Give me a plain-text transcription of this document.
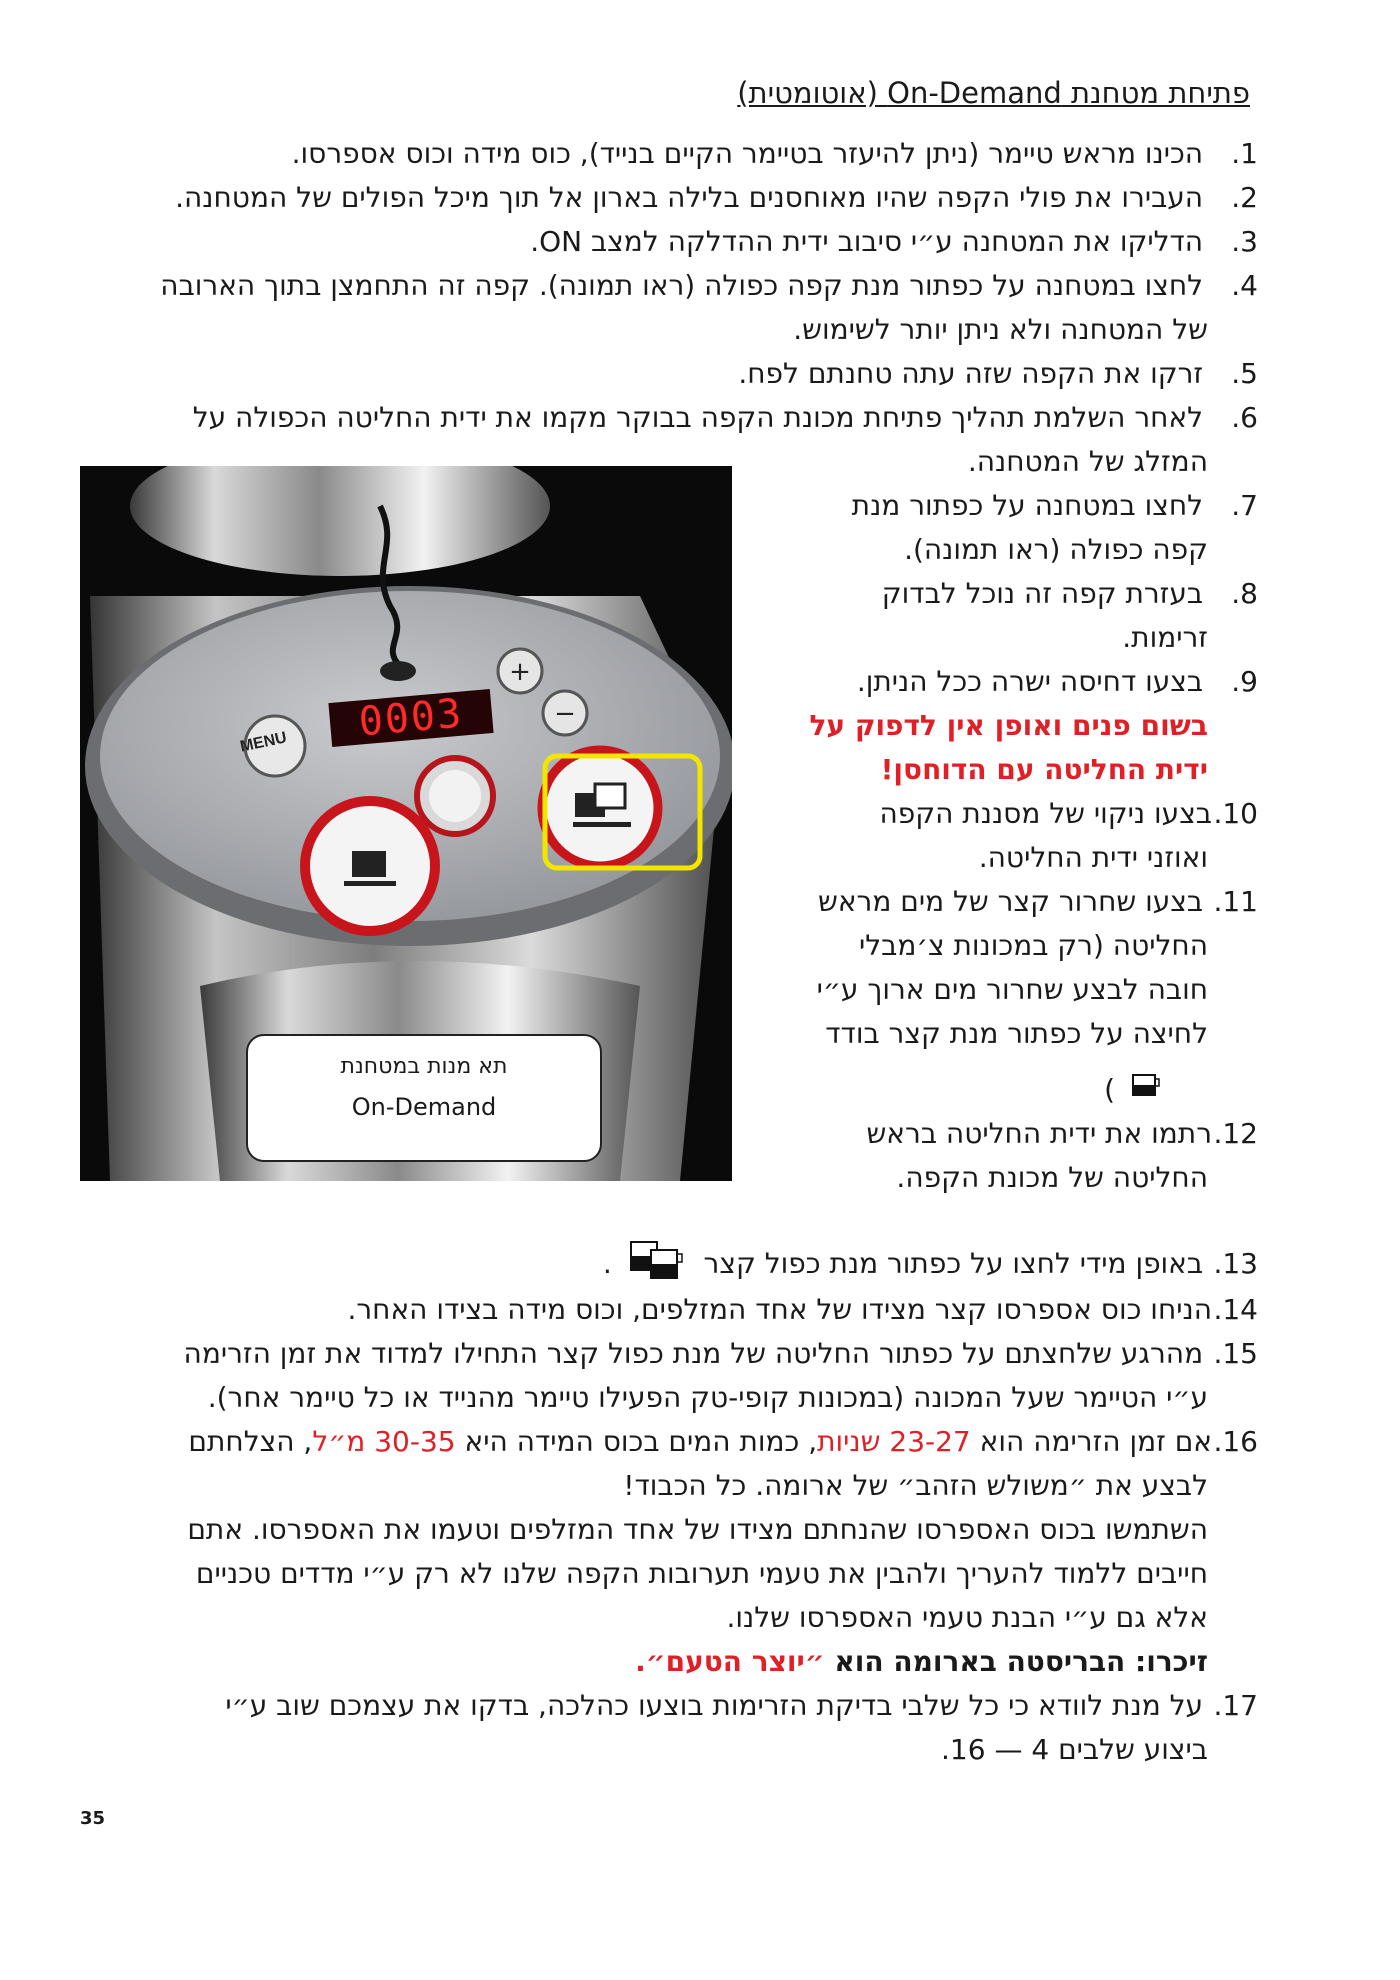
פתיחת מטחנת On-Demand (אוטומטית)
1. הכינו מראש טיימר (ניתן להיעזר בטיימר הקיים בנייד), כוס מידה וכוס אספרסו.
2. העבירו את פולי הקפה שהיו מאוחסנים בלילה בארון אל תוך מיכל הפולים של המטחנה.
3. הדליקו את המטחנה ע״י סיבוב ידית ההדלקה למצב ON.
4. לחצו במטחנה על כפתור מנת קפה כפולה (ראו תמונה). קפה זה התחמצן בתוך הארובה
של המטחנה ולא ניתן יותר לשימוש.
5. זרקו את הקפה שזה עתה טחנתם לפח.
6. לאחר השלמת תהליך פתיחת מכונת הקפה בבוקר מקמו את ידית החליטה הכפולה על
המזלג של המטחנה.
7. לחצו במטחנה על כפתור מנת
קפה כפולה (ראו תמונה).
8. בעזרת קפה זה נוכל לבדוק
זרימות.
9. בצעו דחיסה ישרה ככל הניתן.
בשום פנים ואופן אין לדפוק על
ידית החליטה עם הדוחסן!
10.בצעו ניקוי של מסננת הקפה
ואוזני ידית החליטה.
11. בצעו שחרור קצר של מים מראש
החליטה (רק במכונות צ׳מבלי
חובה לבצע שחרור מים ארוך ע״י
לחיצה על כפתור מנת קצר בודד
)
12.רתמו את ידית החליטה בראש
החליטה של מכונת הקפה.
13. באופן מידי לחצו על כפתור מנת כפול קצר  .
14.הניחו כוס אספרסו קצר מצידו של אחד המזלפים, וכוס מידה בצידו האחר.
15. מהרגע שלחצתם על כפתור החליטה של מנת כפול קצר התחילו למדוד את זמן הזרימה
ע״י הטיימר שעל המכונה (במכונות קופי-טק הפעילו טיימר מהנייד או כל טיימר אחר).
16.אם זמן הזרימה הוא 23-27 שניות, כמות המים בכוס המידה היא 30-35 מ״ל, הצלחתם
לבצע את ״משולש הזהב״ של ארומה. כל הכבוד!
השתמשו בכוס האספרסו שהנחתם מצידו של אחד המזלפים וטעמו את האספרסו. אתם
חייבים ללמוד להעריך ולהבין את טעמי תערובות הקפה שלנו לא רק ע״י מדדים טכניים
אלא גם ע״י הבנת טעמי האספרסו שלנו.
זיכרו: הבריסטה בארומה הוא ״יוצר הטעם״.
17. על מנת לוודא כי כל שלבי בדיקת הזרימות בוצעו כהלכה, בדקו את עצמכם שוב ע״י
ביצוע שלבים 4 — 16.
+
−
0003
MENU
תא מנות במטחנת
On-Demand
35
